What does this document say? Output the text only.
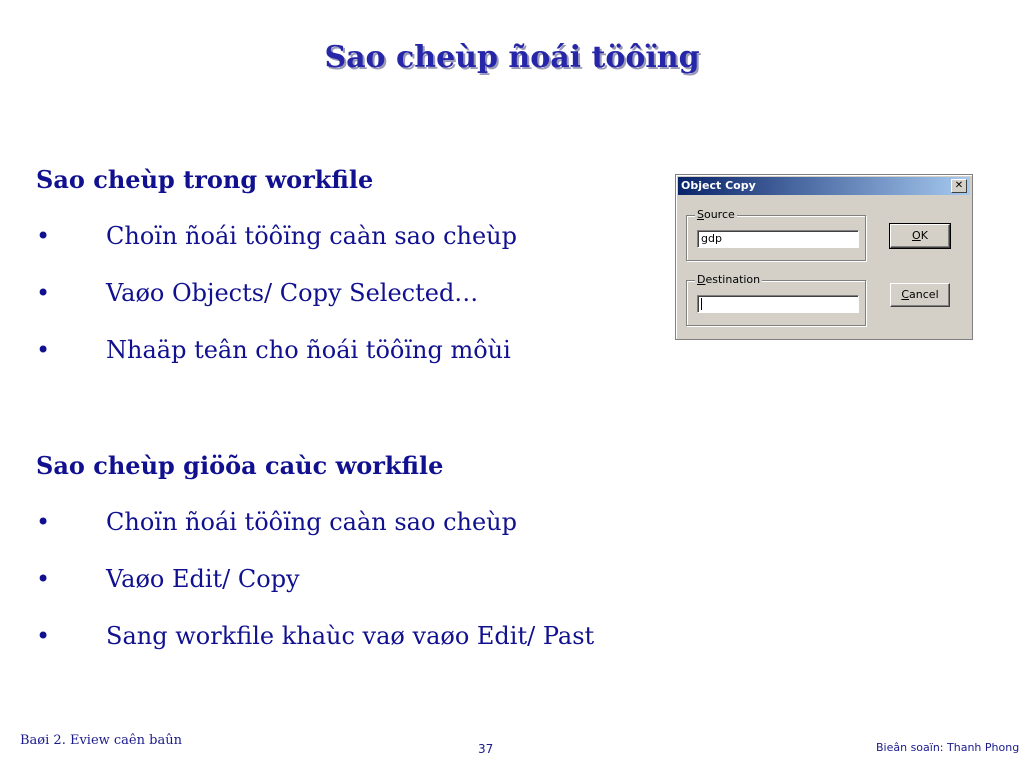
Sao cheùp ñoái töôïng
Sao cheùp trong workfile
• Choïn ñoái töôïng caàn sao cheùp
• Vaøo Objects/ Copy Selected…
• Nhaäp teân cho ñoái töôïng môùi
Sao cheùp giöõa caùc workfile
• Choïn ñoái töôïng caàn sao cheùp
• Vaøo Edit/ Copy
• Sang workfile khaùc vaø vaøo Edit/ Past
Object Copy	✕
Source
gdp
Destination
OK
Cancel
Baøi 2. Eview caên baûn
37	Bieân soaïn: Thanh Phong
